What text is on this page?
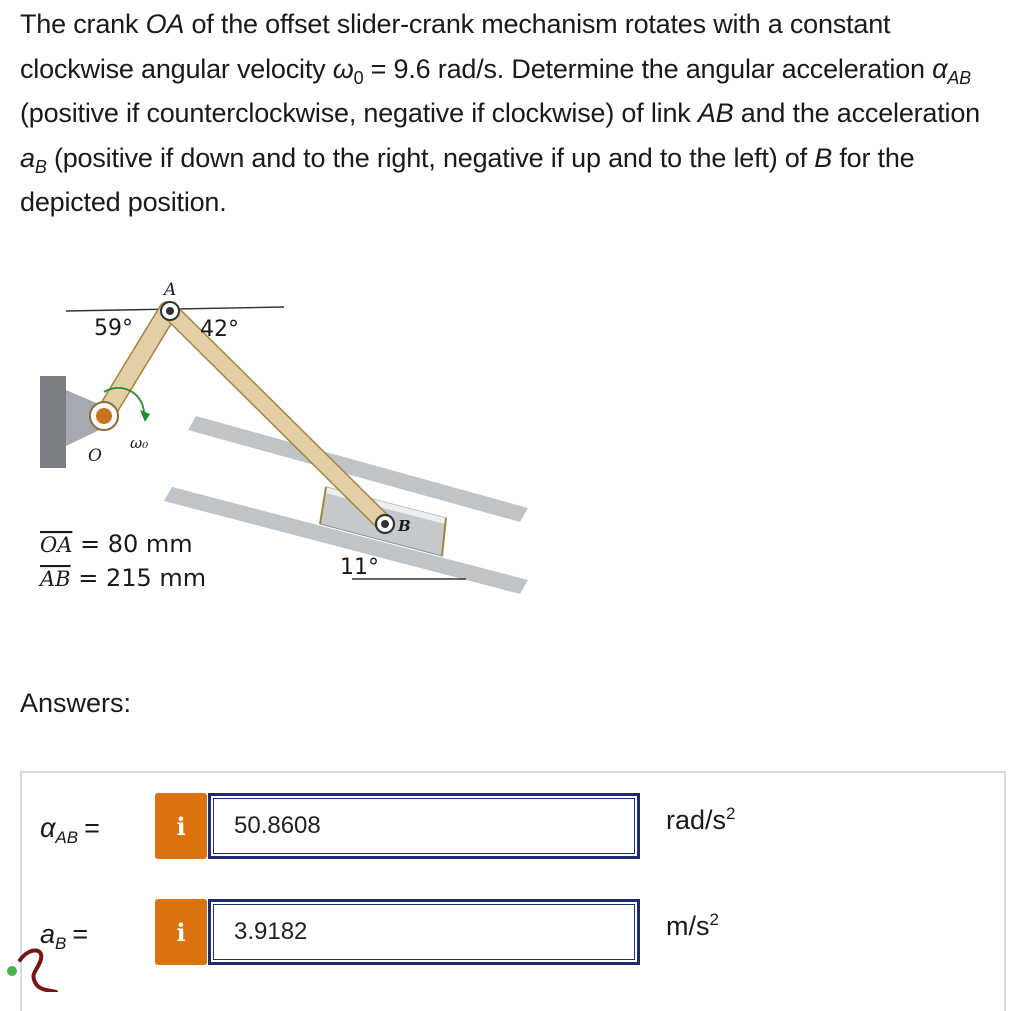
The crank OA of the offset slider-crank mechanism rotates with a constant clockwise angular velocity $\omega_0 = 9.6$ rad/s. Determine the angular acceleration $\alpha_{AB}$ (positive if counterclockwise, negative if clockwise) of link AB and the acceleration $a_B$ (positive if down and to the right, negative if up and to the left) of B for the depicted position.

A
O
B
ω₀
59°	42°
11°
OA = 80 mm
AB = 215 mm
Answers:
$\alpha_{AB}$ =	i	50.8608	rad/$s^2$
$a_B$ =	i	3.9182	$m/s^2$
